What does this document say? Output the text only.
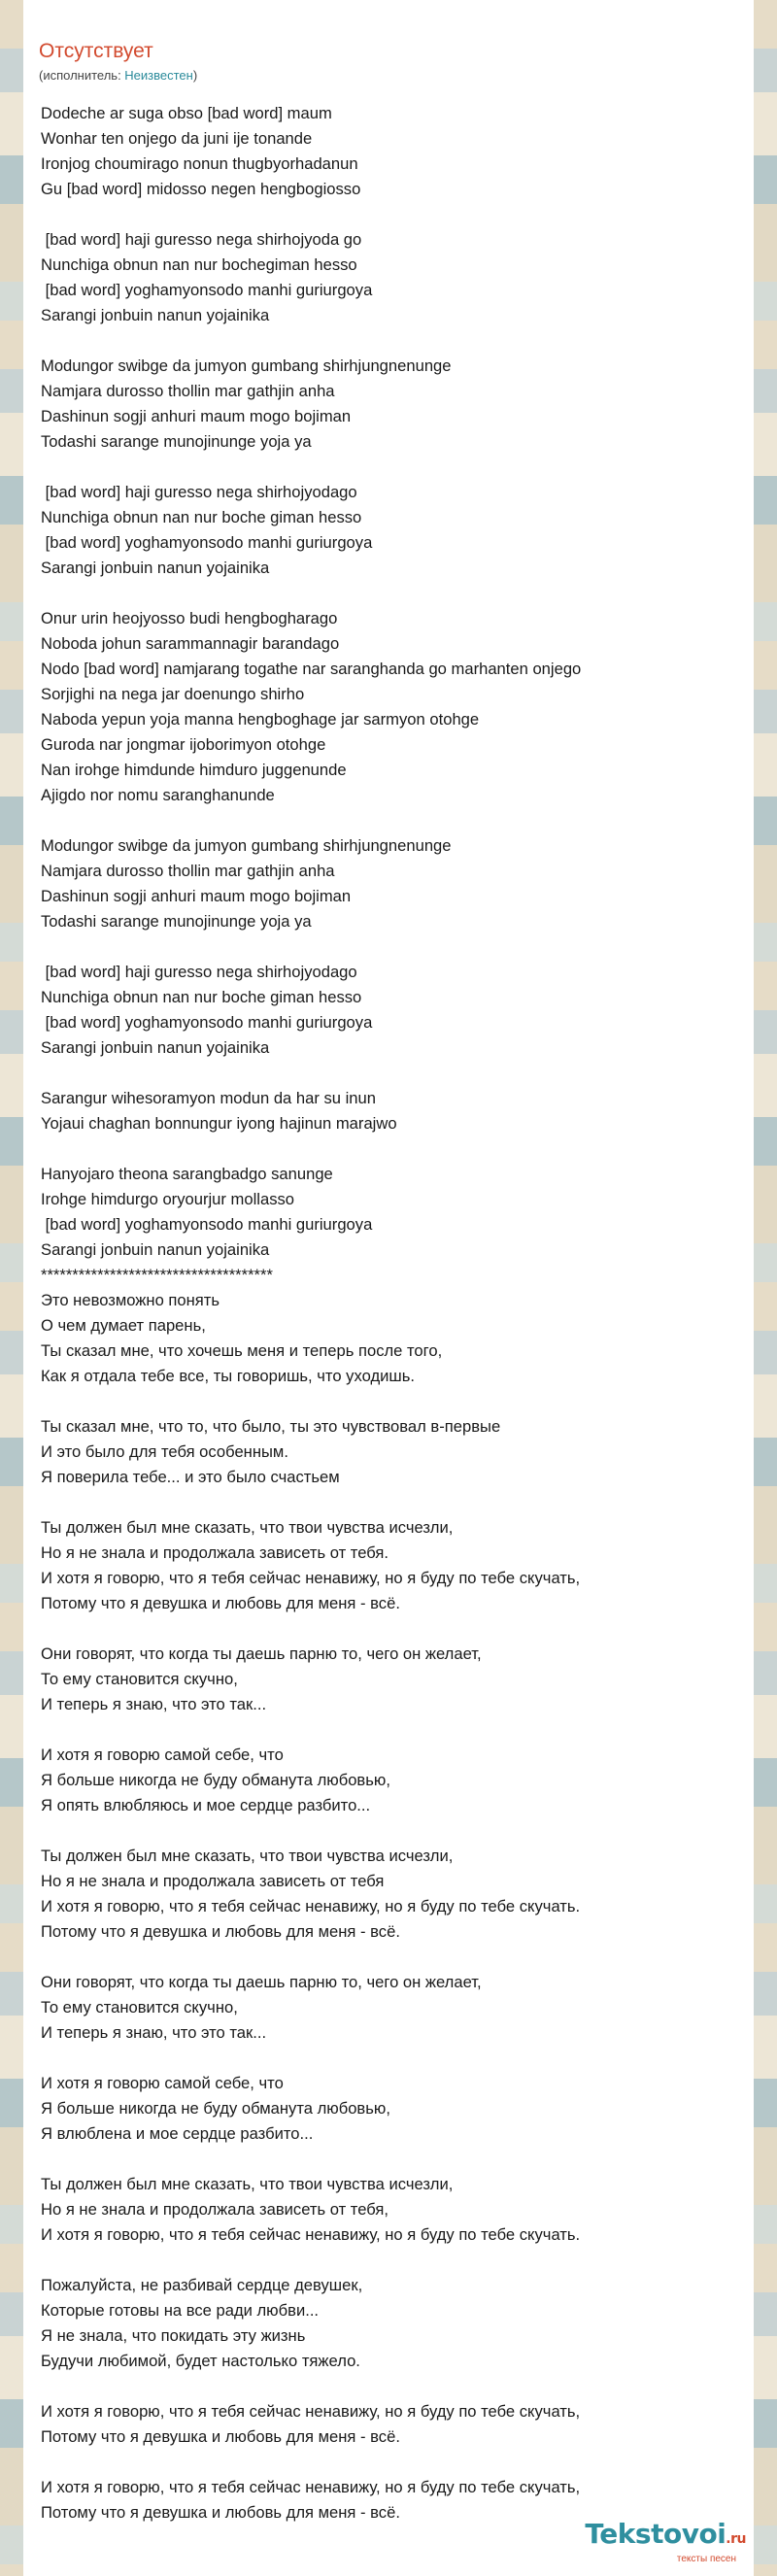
Отсутствует
(исполнитель: Неизвестен)
Dodeche ar suga obso [bad word] maum
Wonhar ten onjego da juni ije tonande
Ironjog choumirago nonun thugbyorhadanun
Gu [bad word] midosso negen hengbogiosso

[bad word] haji guresso nega shirhojyoda go
Nunchiga obnun nan nur bochegiman hesso
[bad word] yoghamyonsodo manhi guriurgoya
Sarangi jonbuin nanun yojainika

Modungor swibge da jumyon gumbang shirhjungnenunge
Namjara durosso thollin mar gathjin anha
Dashinun sogji anhuri maum mogo bojiman
Todashi sarange munojinunge yoja ya

[bad word] haji guresso nega shirhojyodago
Nunchiga obnun nan nur boche giman hesso
[bad word] yoghamyonsodo manhi guriurgoya
Sarangi jonbuin nanun yojainika

Onur urin heojyosso budi hengbogharago
Noboda johun sarammannagir barandago
Nodo [bad word] namjarang togathe nar saranghanda go marhanten onjego
Sorjighi na nega jar doenungo shirho
Naboda yepun yoja manna hengboghage jar sarmyon otohge
Guroda nar jongmar ijoborimyon otohge
Nan irohge himdunde himduro juggenunde
Ajigdo nor nomu saranghanunde

Modungor swibge da jumyon gumbang shirhjungnenunge
Namjara durosso thollin mar gathjin anha
Dashinun sogji anhuri maum mogo bojiman
Todashi sarange munojinunge yoja ya

[bad word] haji guresso nega shirhojyodago
Nunchiga obnun nan nur boche giman hesso
[bad word] yoghamyonsodo manhi guriurgoya
Sarangi jonbuin nanun yojainika

Sarangur wihesoramyon modun da har su inun
Yojaui chaghan bonnungur iyong hajinun marajwo

Hanyojaro theona sarangbadgo sanunge
Irohge himdurgo oryourjur mollasso
[bad word] yoghamyonsodo manhi guriurgoya
Sarangi jonbuin nanun yojainika
*************************************
Это невозможно понять
О чем думает парень,
Ты сказал мне, что хочешь меня и теперь после того,
Как я отдала тебе все, ты говоришь, что уходишь.

Ты сказал мне, что то, что было, ты это чувствовал в-первые
И это было для тебя особенным.
Я поверила тебе... и это было счастьем

Ты должен был мне сказать, что твои чувства исчезли,
Но я не знала и продолжала зависеть от тебя.
И хотя я говорю, что я тебя сейчас ненавижу, но я буду по тебе скучать,
Потому что я девушка и любовь для меня - всё.

Они говорят, что когда ты даешь парню то, чего он желает,
То ему становится скучно,
И теперь я знаю, что это так...

И хотя я говорю самой себе, что
Я больше никогда не буду обманута любовью,
Я опять влюбляюсь и мое сердце разбито...

Ты должен был мне сказать, что твои чувства исчезли,
Но я не знала и продолжала зависеть от тебя
И хотя я говорю, что я тебя сейчас ненавижу, но я буду по тебе скучать.
Потому что я девушка и любовь для меня - всё.

Они говорят, что когда ты даешь парню то, чего он желает,
То ему становится скучно,
И теперь я знаю, что это так...

И хотя я говорю самой себе, что
Я больше никогда не буду обманута любовью,
Я влюблена и мое сердце разбито...

Ты должен был мне сказать, что твои чувства исчезли,
Но я не знала и продолжала зависеть от тебя,
И хотя я говорю, что я тебя сейчас ненавижу, но я буду по тебе скучать.

Пожалуйста, не разбивай сердце девушек,
Которые готовы на все ради любви...
Я не знала, что покидать эту жизнь
Будучи любимой, будет настолько тяжело.

И хотя я говорю, что я тебя сейчас ненавижу, но я буду по тебе скучать,
Потому что я девушка и любовь для меня - всё.

И хотя я говорю, что я тебя сейчас ненавижу, но я буду по тебе скучать,
Потому что я девушка и любовь для меня - всё.
Tekstovoi.ru
тексты песен
